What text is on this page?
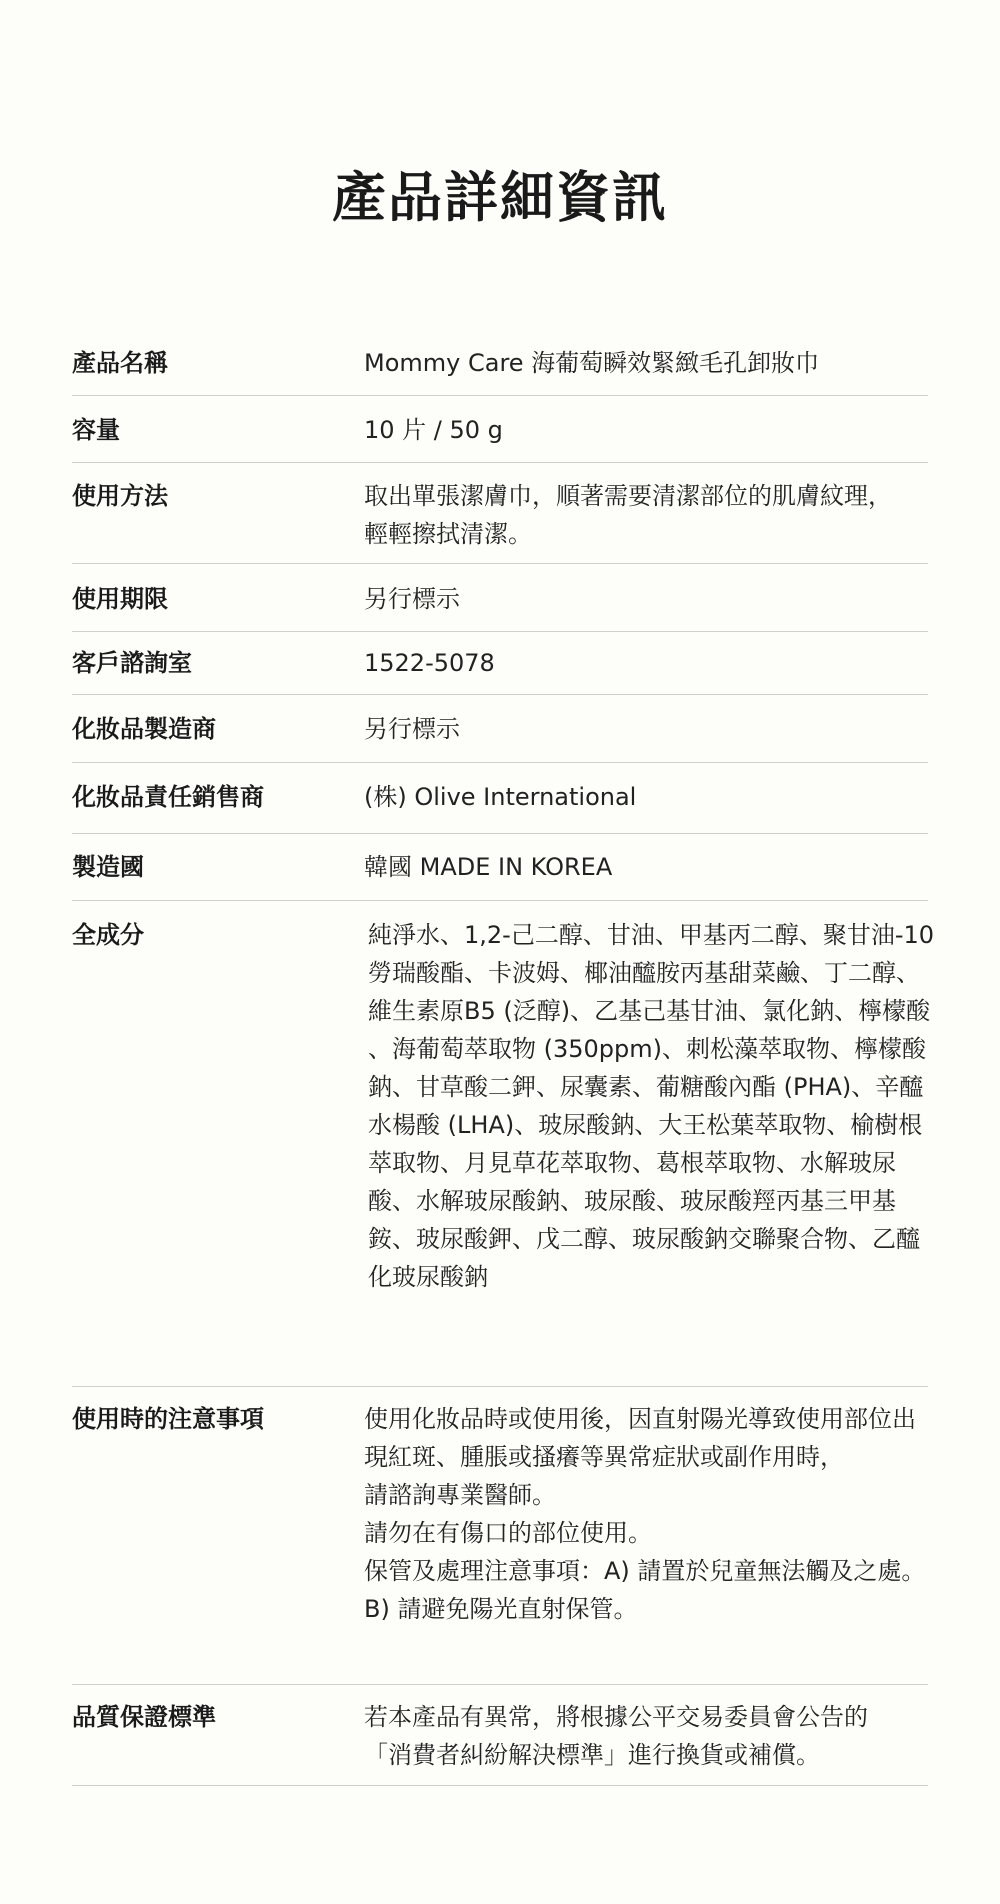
產品詳細資訊
產品名稱	Mommy Care 海葡萄瞬效緊緻毛孔卸妝巾
容量	10 片 / 50 g
使用方法	取出單張潔膚巾，順著需要清潔部位的肌膚紋理，
輕輕擦拭清潔。
使用期限	另行標示
客戶諮詢室	1522-5078
化妝品製造商	另行標示
化妝品責任銷售商	(株) Olive International
製造國	韓國 MADE IN KOREA
全成分	純淨水、1,2-己二醇、甘油、甲基丙二醇、聚甘油-10
勞瑞酸酯、卡波姆、椰油醯胺丙基甜菜鹼、丁二醇、
維生素原B5 (泛醇)、乙基己基甘油、氯化鈉、檸檬酸
、海葡萄萃取物 (350ppm)、刺松藻萃取物、檸檬酸
鈉、甘草酸二鉀、尿囊素、葡糖酸內酯 (PHA)、辛醯
水楊酸 (LHA)、玻尿酸鈉、大王松葉萃取物、榆樹根
萃取物、月見草花萃取物、葛根萃取物、水解玻尿
酸、水解玻尿酸鈉、玻尿酸、玻尿酸羥丙基三甲基
銨、玻尿酸鉀、戊二醇、玻尿酸鈉交聯聚合物、乙醯
化玻尿酸鈉
使用時的注意事項	使用化妝品時或使用後，因直射陽光導致使用部位出
現紅斑、腫脹或搔癢等異常症狀或副作用時，
請諮詢專業醫師。
請勿在有傷口的部位使用。
保管及處理注意事項：A) 請置於兒童無法觸及之處。
B) 請避免陽光直射保管。
品質保證標準	若本產品有異常，將根據公平交易委員會公告的
「消費者糾紛解決標準」進行換貨或補償。
